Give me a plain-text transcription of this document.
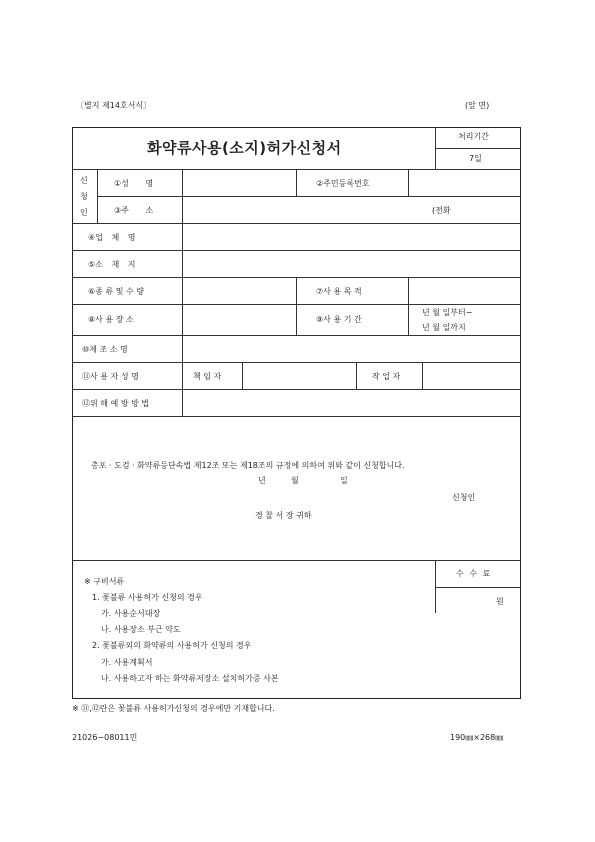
〔별지 제14호서식〕	(앞 면)
화약류사용(소지)허가신청서
처리기간
7일
신
청
인
①성 명	②주민등록번호
③주 소	(전화
④업 체 명
⑤소 재 지
⑥종 류 및 수 량	⑦사 용 목 적
⑧사 용 장 소	⑨사 용 기 간
년 월 일부터−
년 월 일까지
⑩제 조 소 명
⑪사 용 자 성 명	책 임 자	작 업 자
⑫위 해 예 방 방 법
총포 · 도검 · 화약류등단속법 제12조 또는 제18조의 규정에 의하여 위와 같이 신청합니다.
년	월	일
신청인
경 찰 서 장 귀하
수 수 료
원
※ 구비서류
1. 꽃불류 사용허가 신청의 경우
가. 사용순서대장
나. 사용장소 부근 약도
2. 꽃불류외의 화약류의 사용허가 신청의 경우
가. 사용계획서
나. 사용하고자 하는 화약류저장소 설치허가증 사본
※ ⑪,⑫란은 꽃불류 사용허가신청의 경우에만 기재합니다.
21026−08011민	190㎜×268㎜
